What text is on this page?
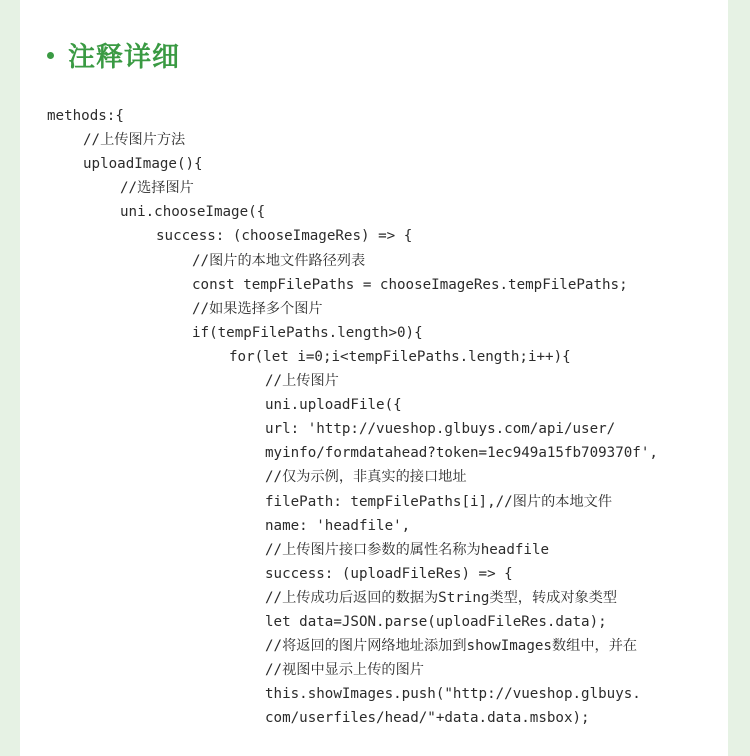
注释详细
methods:{
//上传图片方法
uploadImage(){
//选择图片
uni.chooseImage({
success: (chooseImageRes) => {
//图片的本地文件路径列表
const tempFilePaths = chooseImageRes.tempFilePaths;
//如果选择多个图片
if(tempFilePaths.length>0){
for(let i=0;i<tempFilePaths.length;i++){
//上传图片
uni.uploadFile({
url: 'http://vueshop.glbuys.com/api/user/
myinfo/formdatahead?token=1ec949a15fb709370f',
//仅为示例，非真实的接口地址
filePath: tempFilePaths[i],//图片的本地文件
name: 'headfile',
//上传图片接口参数的属性名称为headfile
success: (uploadFileRes) => {
//上传成功后返回的数据为String类型，转成对象类型
let data=JSON.parse(uploadFileRes.data);
//将返回的图片网络地址添加到showImages数组中，并在
//视图中显示上传的图片
this.showImages.push("http://vueshop.glbuys.
com/userfiles/head/"+data.data.msbox);
